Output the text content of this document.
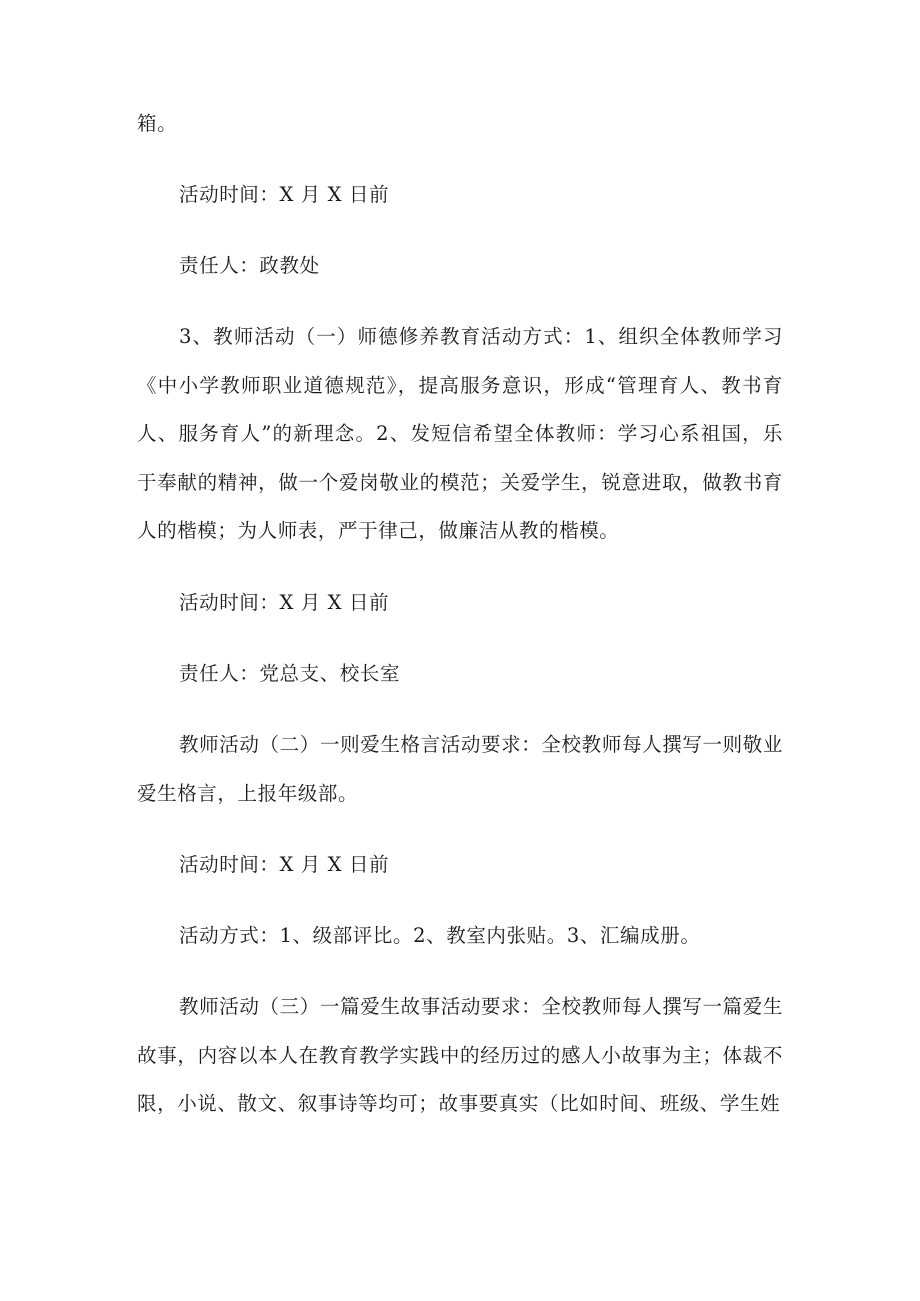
箱。

活动时间：X 月 X 日前

责任人：政教处

3、教师活动（一）师德修养教育活动方式：1、组织全体教师学习《中小学教师职业道德规范》，提高服务意识，形成“管理育人、教书育人、服务育人”的新理念。2、发短信希望全体教师：学习心系祖国，乐于奉献的精神，做一个爱岗敬业的模范；关爱学生，锐意进取，做教书育人的楷模；为人师表，严于律己，做廉洁从教的楷模。

活动时间：X 月 X 日前

责任人：党总支、校长室

教师活动（二）一则爱生格言活动要求：全校教师每人撰写一则敬业爱生格言，上报年级部。

活动时间：X 月 X 日前

活动方式：1、级部评比。2、教室内张贴。3、汇编成册。

教师活动（三）一篇爱生故事活动要求：全校教师每人撰写一篇爱生故事，内容以本人在教育教学实践中的经历过的感人小故事为主；体裁不限，小说、散文、叙事诗等均可；故事要真实（比如时间、班级、学生姓
